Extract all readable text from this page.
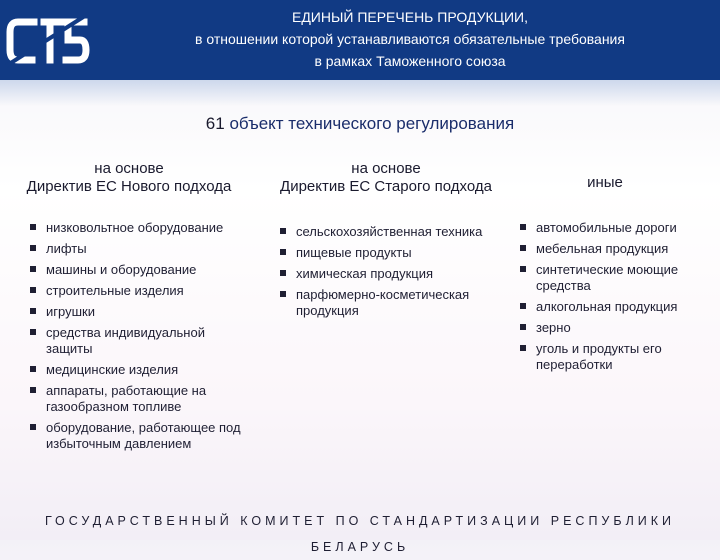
ЕДИНЫЙ ПЕРЕЧЕНЬ ПРОДУКЦИИ,
в отношении которой устанавливаются обязательные требования
в рамках Таможенного союза
61 объект технического регулирования
на основе
Директив ЕС Нового подхода
низковольтное оборудование
лифты
машины и оборудование
строительные изделия
игрушки
средства индивидуальной защиты
медицинские изделия
аппараты, работающие на газообразном топливе
оборудование, работающее под избыточным давлением
на основе
Директив ЕС Старого подхода
сельскохозяйственная техника
пищевые продукты
химическая продукция
парфюмерно-косметическая продукция
иные
автомобильные дороги
мебельная продукция
синтетические моющие средства
алкогольная продукция
зерно
уголь и продукты его переработки
ГОСУДАРСТВЕННЫЙ КОМИТЕТ ПО СТАНДАРТИЗАЦИИ РЕСПУБЛИКИ БЕЛАРУСЬ
